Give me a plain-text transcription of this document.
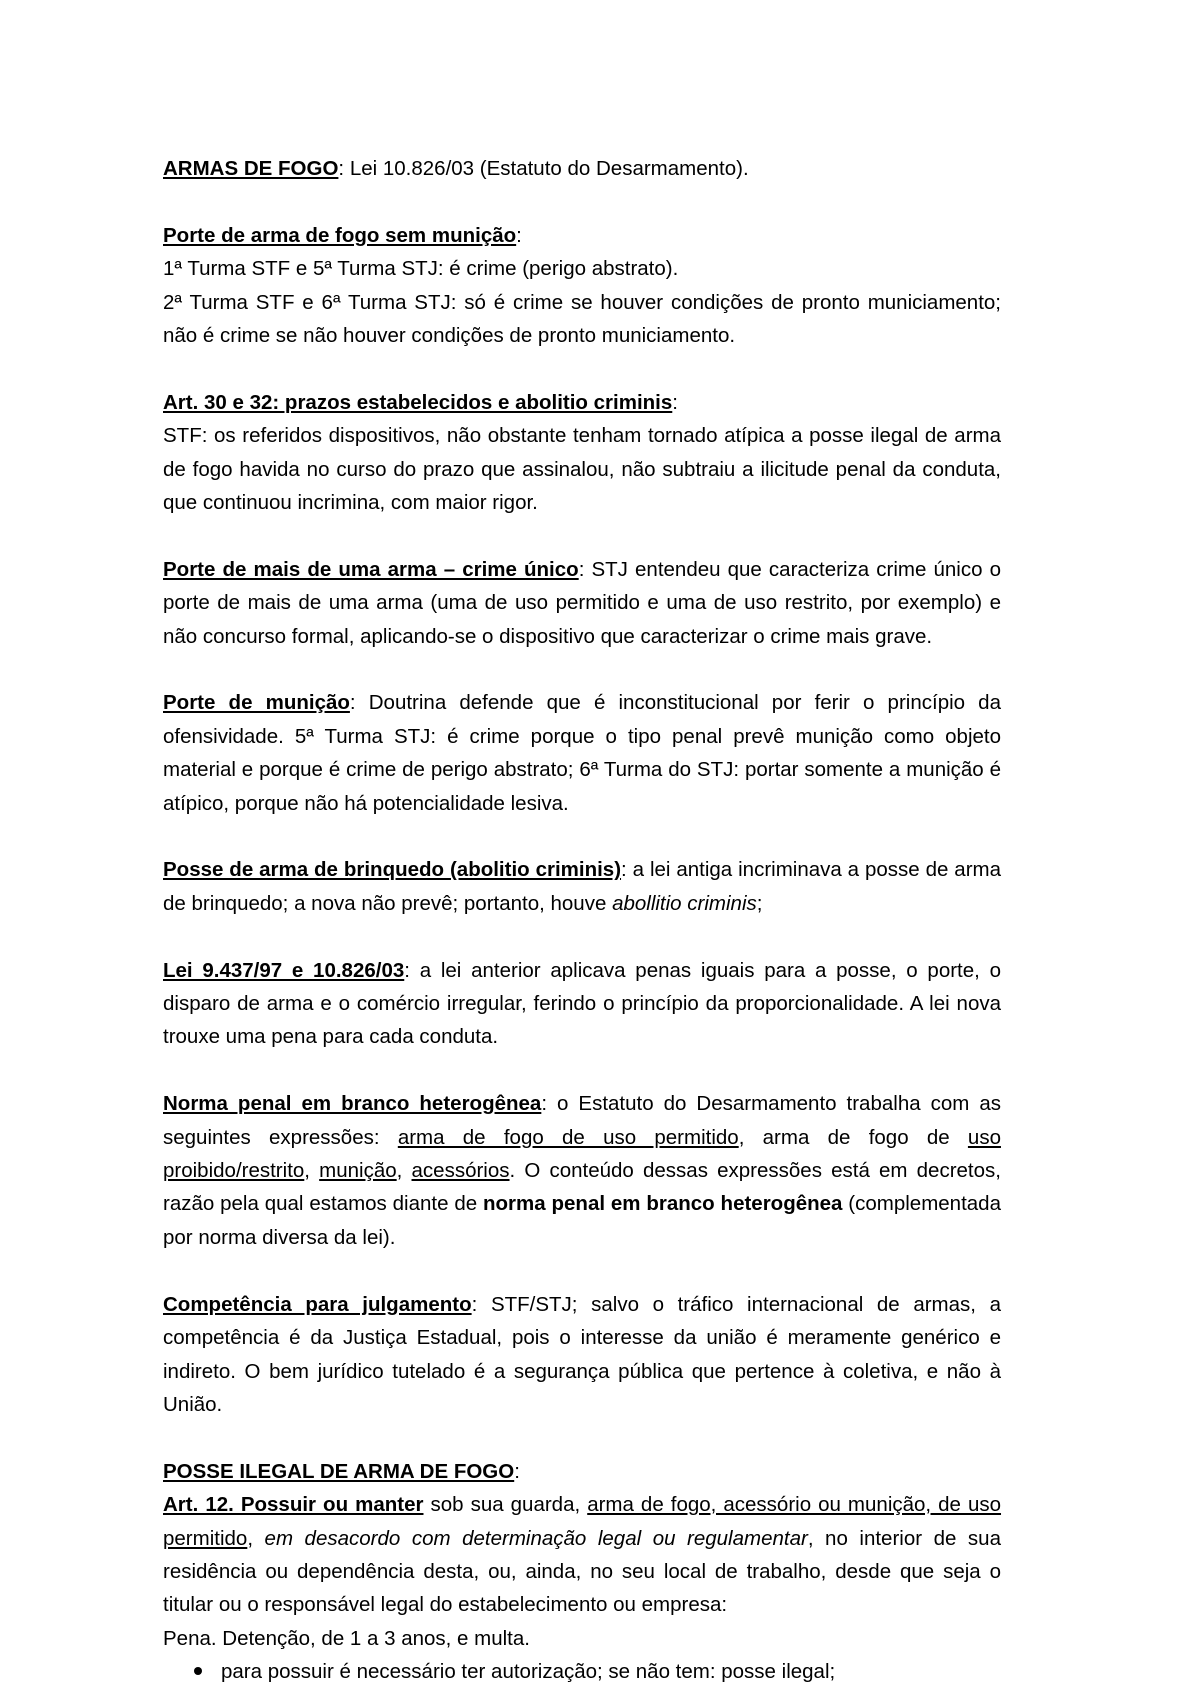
ARMAS DE FOGO: Lei 10.826/03 (Estatuto do Desarmamento).

Porte de arma de fogo sem munição:

1ª Turma STF e 5ª Turma STJ: é crime (perigo abstrato).

2ª Turma STF e 6ª Turma STJ: só é crime se houver condições de pronto municiamento; não é crime se não houver condições de pronto municiamento.

Art. 30 e 32: prazos estabelecidos e abolitio criminis:

STF: os referidos dispositivos, não obstante tenham tornado atípica a posse ilegal de arma de fogo havida no curso do prazo que assinalou, não subtraiu a ilicitude penal da conduta, que continuou incrimina, com maior rigor.

Porte de mais de uma arma – crime único: STJ entendeu que caracteriza crime único o porte de mais de uma arma (uma de uso permitido e uma de uso restrito, por exemplo) e não concurso formal, aplicando-se o dispositivo que caracterizar o crime mais grave.

Porte de munição: Doutrina defende que é inconstitucional por ferir o princípio da ofensividade. 5ª Turma STJ: é crime porque o tipo penal prevê munição como objeto material e porque é crime de perigo abstrato; 6ª Turma do STJ: portar somente a munição é atípico, porque não há potencialidade lesiva.

Posse de arma de brinquedo (abolitio criminis): a lei antiga incriminava a posse de arma de brinquedo; a nova não prevê; portanto, houve abollitio criminis;

Lei 9.437/97 e 10.826/03: a lei anterior aplicava penas iguais para a posse, o porte, o disparo de arma e o comércio irregular, ferindo o princípio da proporcionalidade. A lei nova trouxe uma pena para cada conduta.

Norma penal em branco heterogênea: o Estatuto do Desarmamento trabalha com as seguintes expressões: arma de fogo de uso permitido, arma de fogo de uso proibido/restrito, munição, acessórios. O conteúdo dessas expressões está em decretos, razão pela qual estamos diante de norma penal em branco heterogênea (complementada por norma diversa da lei).

Competência para julgamento: STF/STJ; salvo o tráfico internacional de armas, a competência é da Justiça Estadual, pois o interesse da união é meramente genérico e indireto. O bem jurídico tutelado é a segurança pública que pertence à coletiva, e não à União.

POSSE ILEGAL DE ARMA DE FOGO:

Art. 12. Possuir ou manter sob sua guarda, arma de fogo, acessório ou munição, de uso permitido, em desacordo com determinação legal ou regulamentar, no interior de sua residência ou dependência desta, ou, ainda, no seu local de trabalho, desde que seja o titular ou o responsável legal do estabelecimento ou empresa:

Pena. Detenção, de 1 a 3 anos, e multa.

para possuir é necessário ter autorização; se não tem: posse ilegal;
